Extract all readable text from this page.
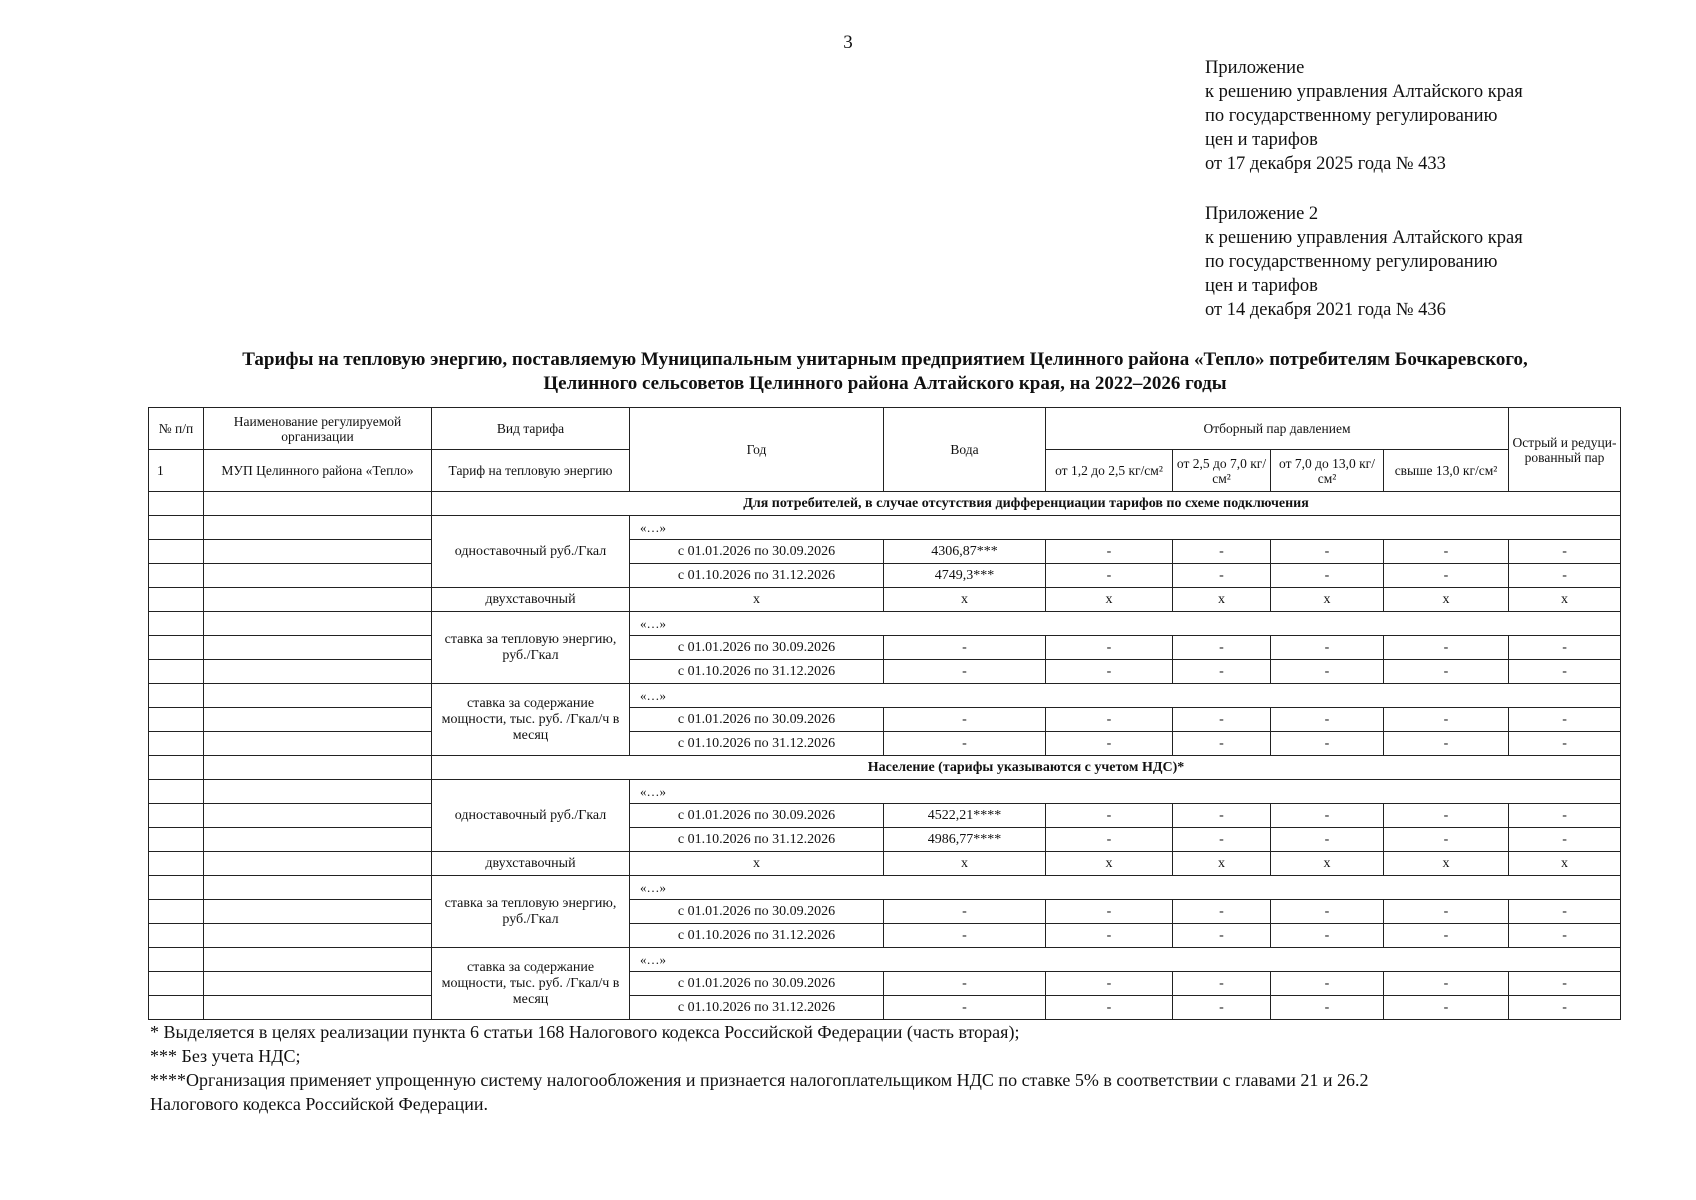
3
Приложение
к решению управления Алтайского края
по государственному регулированию
цен и тарифов
от 17 декабря 2025 года № 433
Приложение 2
к решению управления Алтайского края
по государственному регулированию
цен и тарифов
от 14 декабря 2021 года № 436
Тарифы на тепловую энергию, поставляемую Муниципальным унитарным предприятием Целинного района «Тепло» потребителям Бочкаревского,
Целинного сельсоветов Целинного района Алтайского края, на 2022–2026 годы
№ п/п	Наименование регулируемой организации	Вид тарифа	Год	Вода	Отборный пар давлением				Острый и редуци-рованный пар
1	МУП Целинного района «Тепло»	Тариф на тепловую энергию			от 1,2 до 2,5 кг/см²	от 2,5 до 7,0 кг/см²	от 7,0 до 13,0 кг/см²	свыше 13,0 кг/см²	
		Для потребителей, в случае отсутствия дифференциации тарифов по схеме подключения							
		одноставочный руб./Гкал	«…»						
			с 01.01.2026 по 30.09.2026	4306,87***	-	-	-	-	-
			с 01.10.2026 по 31.12.2026	4749,3***	-	-	-	-	-
		двухставочный	х	х	х	х	х	х	х
		ставка за тепловую энергию, руб./Гкал	«…»						
			с 01.01.2026 по 30.09.2026	-	-	-	-	-	-
			с 01.10.2026 по 31.12.2026	-	-	-	-	-	-
		ставка за содержание мощности, тыс. руб. /Гкал/ч в месяц	«…»						
			с 01.01.2026 по 30.09.2026	-	-	-	-	-	-
			с 01.10.2026 по 31.12.2026	-	-	-	-	-	-
		Население (тарифы указываются с учетом НДС)*							
		одноставочный руб./Гкал	«…»						
			с 01.01.2026 по 30.09.2026	4522,21****	-	-	-	-	-
			с 01.10.2026 по 31.12.2026	4986,77****	-	-	-	-	-
		двухставочный	х	х	х	х	х	х	х
		ставка за тепловую энергию, руб./Гкал	«…»						
			с 01.01.2026 по 30.09.2026	-	-	-	-	-	-
			с 01.10.2026 по 31.12.2026	-	-	-	-	-	-
		ставка за содержание мощности, тыс. руб. /Гкал/ч в месяц	«…»						
			с 01.01.2026 по 30.09.2026	-	-	-	-	-	-
			с 01.10.2026 по 31.12.2026	-	-	-	-	-	-
* Выделяется в целях реализации пункта 6 статьи 168 Налогового кодекса Российской Федерации (часть вторая);
*** Без учета НДС;
****Организация применяет упрощенную систему налогообложения и признается налогоплательщиком НДС по ставке 5% в соответствии с главами 21 и 26.2
Налогового кодекса Российской Федерации.
